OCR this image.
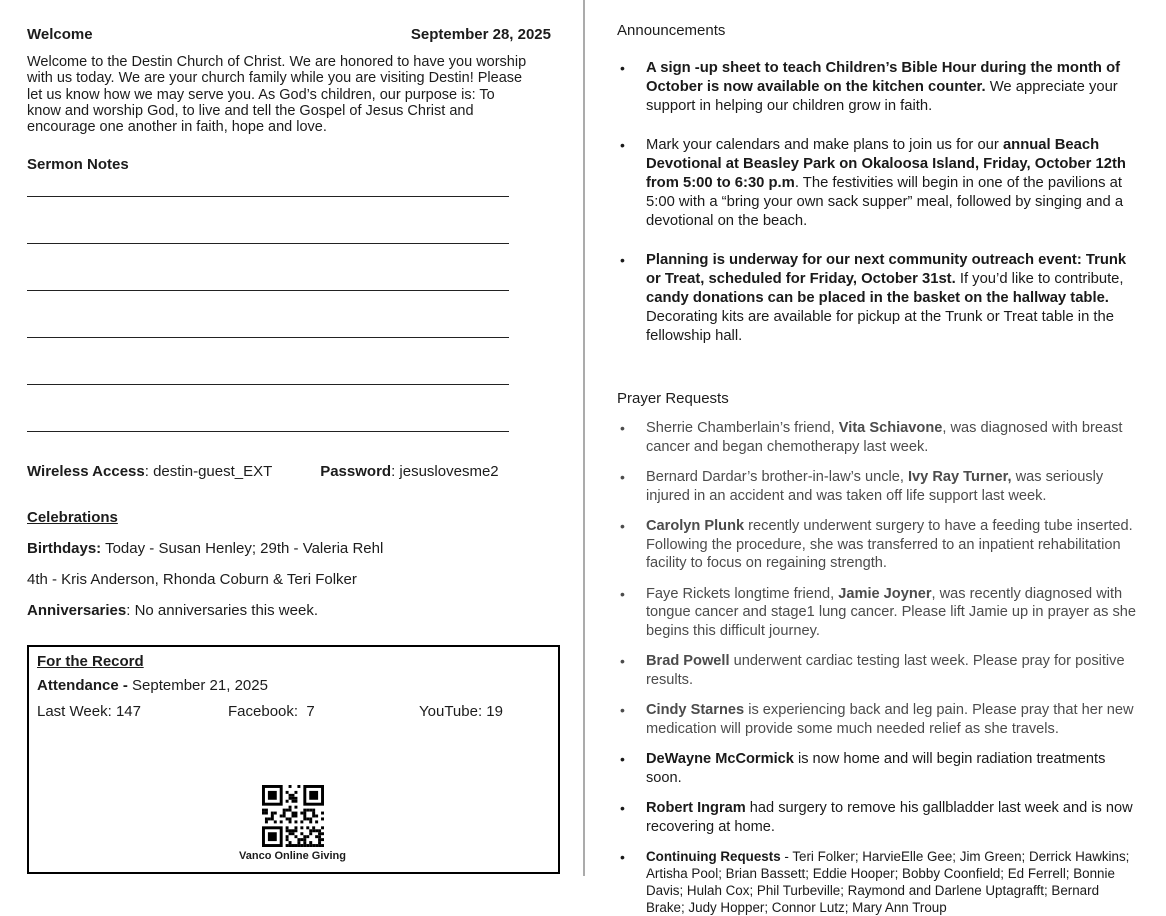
Welcome	September 28, 2025

Welcome to the Destin Church of Christ. We are honored to have you worship with us today. We are your church family while you are visiting Destin! Please let us know how we may serve you. As God’s children, our purpose is: To know and worship God, to live and tell the Gospel of Jesus Christ and encourage one another in faith, hope and love.

Sermon Notes
Wireless Access: destin-guest_EXT	Password: jesuslovesme2
Celebrations
Birthdays: Today - Susan Henley; 29th - Valeria Rehl
4th - Kris Anderson, Rhonda Coburn & Teri Folker
Anniversaries: No anniversaries this week.
For the Record
Attendance - September 21, 2025
Last Week: 147	Facebook: 7	YouTube: 19
Vanco Online Giving
Announcements
•	A sign -up sheet to teach Children’s Bible Hour during the month of October is now available on the kitchen counter. We appreciate your support in helping our children grow in faith.
•	Mark your calendars and make plans to join us for our annual Beach Devotional at Beasley Park on Okaloosa Island, Friday, October 12th from 5:00 to 6:30 p.m. The festivities will begin in one of the pavilions at 5:00 with a “bring your own sack supper” meal, followed by singing and a devotional on the beach.
•	Planning is underway for our next community outreach event: Trunk or Treat, scheduled for Friday, October 31st. If you’d like to contribute, candy donations can be placed in the basket on the hallway table. Decorating kits are available for pickup at the Trunk or Treat table in the fellowship hall.
Prayer Requests
•	Sherrie Chamberlain’s friend, Vita Schiavone, was diagnosed with breast cancer and began chemotherapy last week.
•	Bernard Dardar’s brother-in-law’s uncle, Ivy Ray Turner, was seriously injured in an accident and was taken off life support last week.
•	Carolyn Plunk recently underwent surgery to have a feeding tube inserted. Following the procedure, she was transferred to an inpatient rehabilitation facility to focus on regaining strength.
•	Faye Rickets longtime friend, Jamie Joyner, was recently diagnosed with tongue cancer and stage1 lung cancer. Please lift Jamie up in prayer as she begins this difficult journey.
•	Brad Powell underwent cardiac testing last week. Please pray for positive results.
•	Cindy Starnes is experiencing back and leg pain. Please pray that her new medication will provide some much needed relief as she travels.
•	DeWayne McCormick is now home and will begin radiation treatments soon.
•	Robert Ingram had surgery to remove his gallbladder last week and is now recovering at home.
•	Continuing Requests - Teri Folker; HarvieElle Gee; Jim Green; Derrick Hawkins; Artisha Pool; Brian Bassett; Eddie Hooper; Bobby Coonfield; Ed Ferrell; Bonnie Davis; Hulah Cox; Phil Turbeville; Raymond and Darlene Uptagrafft; Bernard Brake; Judy Hopper; Connor Lutz; Mary Ann Troup
